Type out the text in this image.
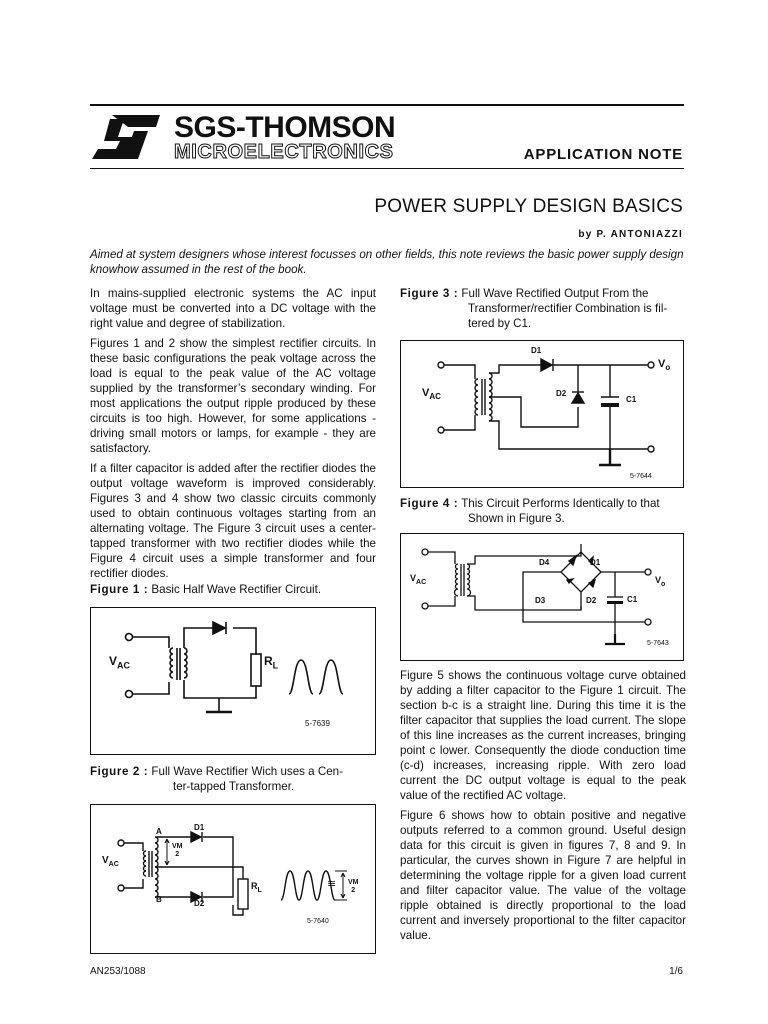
SGS-THOMSON
MICROELECTRONICS	APPLICATION NOTE
POWER SUPPLY DESIGN BASICS
by P. ANTONIAZZI
Aimed at system designers whose interest focusses on other fields, this note reviews the basic power supply design knowhow assumed in the rest of the book.

In mains-supplied electronic systems the AC input voltage must be converted into a DC voltage with the right value and degree of stabilization.

Figures 1 and 2 show the simplest rectifier circuits. In these basic configurations the peak voltage across the load is equal to the peak value of the AC voltage supplied by the transformer’s secondary winding. For most applications the output ripple produced by these circuits is too high. However, for some applications - driving small motors or lamps, for example - they are satisfactory.

If a filter capacitor is added after the rectifier diodes the output voltage waveform is improved considerably. Figures 3 and 4 show two classic circuits commonly used to obtain continuous voltages starting from an alternating voltage. The Figure 3 circuit uses a center-tapped transformer with two rectifier diodes while the Figure 4 circuit uses a simple transformer and four rectifier diodes.

Figure 1 : Basic Half Wave Rectifier Circuit.
$V_{AC}$	$R_L$
5-7639
Figure 2 : Full Wave Rectifier Wich uses a Cen-
ter-tapped Transformer.
$V_{AC}$
A
B
D1
D2
VM
2
$R_L$
≅ VM
2
5-7640
Figure 3 : Full Wave Rectified Output From the
Transformer/rectifier Combination is fil-
tered by C1.
$V_{AC}$
D1
D2
C1
$V_o$
5-7644
Figure 4 : This Circuit Performs Identically to that
Shown in Figure 3.
$V_{AC}$
D4	D1
D3	D2	C1
$V_o$
5-7643

Figure 5 shows the continuous voltage curve obtained by adding a filter capacitor to the Figure 1 circuit. The section b-c is a straight line. During this time it is the filter capacitor that supplies the load current. The slope of this line increases as the current increases, bringing point c lower. Consequently the diode conduction time (c-d) increases, increasing ripple. With zero load current the DC output voltage is equal to the peak value of the rectified AC voltage.

Figure 6 shows how to obtain positive and negative outputs referred to a common ground. Useful design data for this circuit is given in figures 7, 8 and 9. In particular, the curves shown in Figure 7 are helpful in determining the voltage ripple for a given load current and filter capacitor value. The value of the voltage ripple obtained is directly proportional to the load current and inversely proportional to the filter capacitor value.

AN253/1088	1/6
